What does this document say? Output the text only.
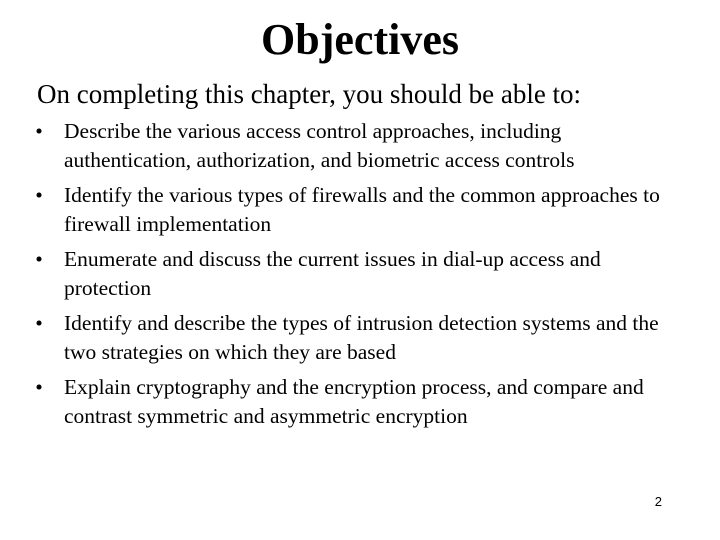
Objectives

On completing this chapter, you should be able to:

• Describe the various access control approaches, including authentication, authorization, and biometric access controls
• Identify the various types of firewalls and the common approaches to firewall implementation
• Enumerate and discuss the current issues in dial-up access and protection
• Identify and describe the types of intrusion detection systems and the two strategies on which they are based
• Explain cryptography and the encryption process, and compare and contrast symmetric and asymmetric encryption
2
